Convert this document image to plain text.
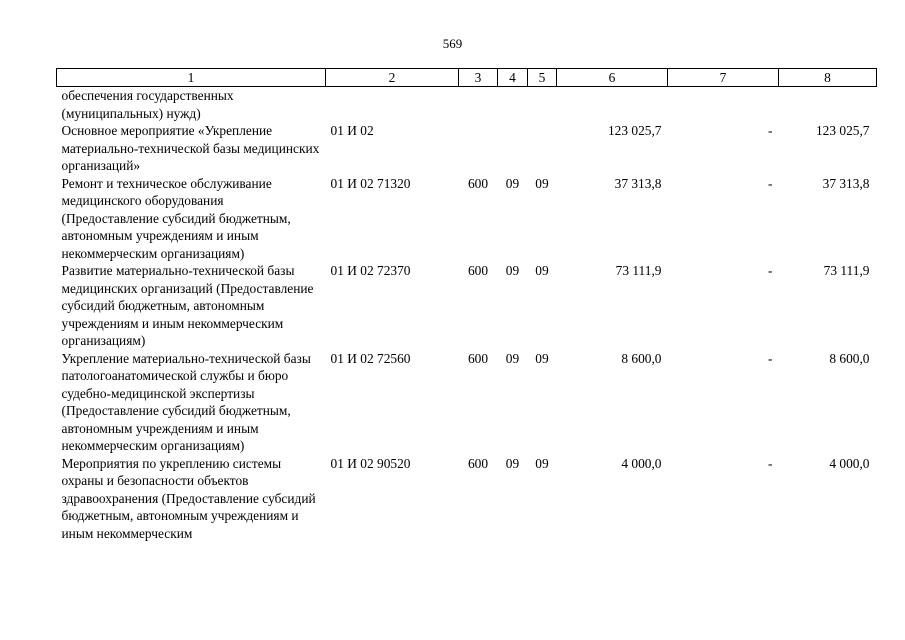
569
1	2	3	4	5	6	7	8
обеспечения государственных
(муниципальных) нужд)							
Основное мероприятие «Укрепление материально-технической базы медицинских организаций»	01 И 02				123 025,7	-	123 025,7
Ремонт и техническое обслуживание медицинского оборудования (Предоставление субсидий бюджетным, автономным учреждениям и иным некоммерческим организациям)	01 И 02 71320	600	09	09	37 313,8	-	37 313,8
Развитие материально-технической базы медицинских организаций (Предоставление субсидий бюджетным, автономным учреждениям и иным некоммерческим организациям)	01 И 02 72370	600	09	09	73 111,9	-	73 111,9
Укрепление материально-технической базы патологоанатомической службы и бюро судебно-медицинской экспертизы (Предоставление субсидий бюджетным, автономным учреждениям и иным некоммерческим организациям)	01 И 02 72560	600	09	09	8 600,0	-	8 600,0
Мероприятия по укреплению системы охраны и безопасности объектов здравоохранения (Предоставление субсидий бюджетным, автономным учреждениям и иным некоммерческим	01 И 02 90520	600	09	09	4 000,0	-	4 000,0
